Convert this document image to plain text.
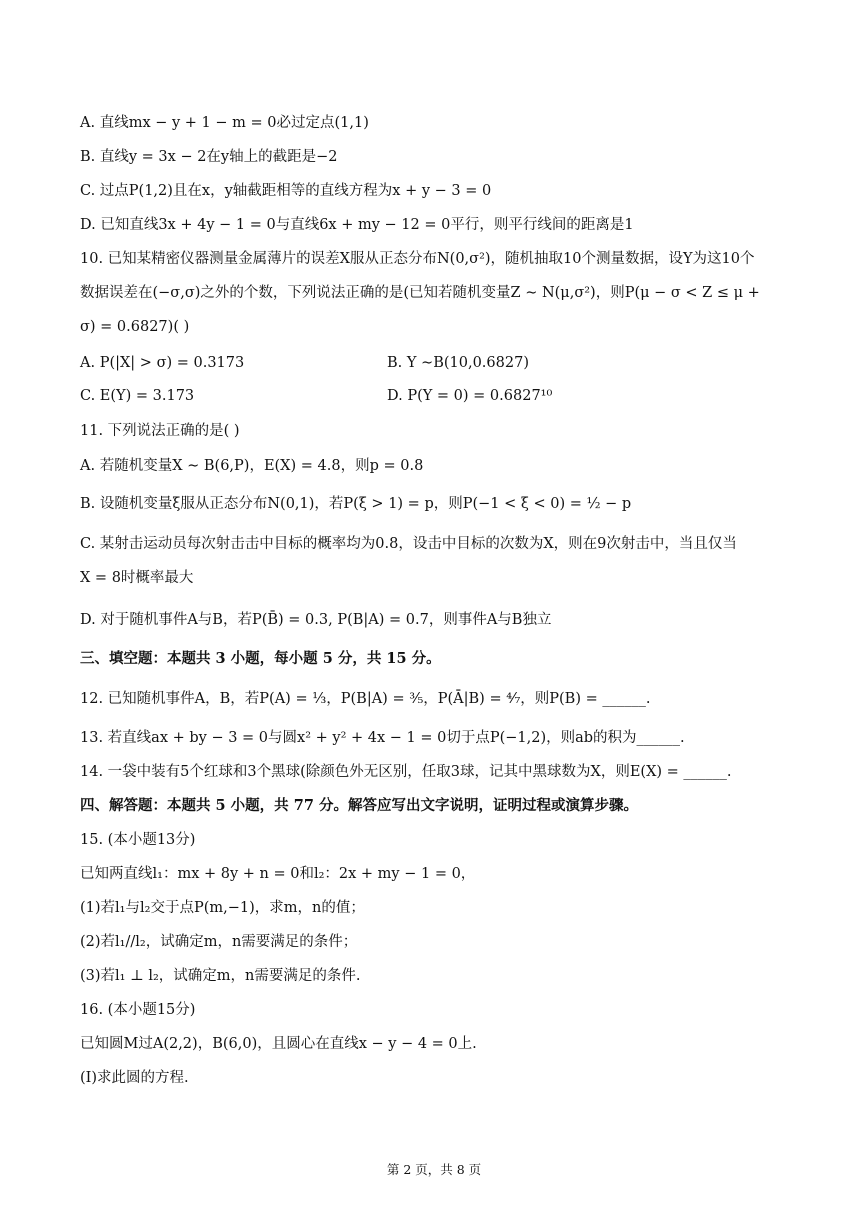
A. 直线mx − y + 1 − m = 0必过定点(1,1)
B. 直线y = 3x − 2在y轴上的截距是−2
C. 过点P(1,2)且在x，y轴截距相等的直线方程为x + y − 3 = 0
D. 已知直线3x + 4y − 1 = 0与直线6x + my − 12 = 0平行，则平行线间的距离是1
10. 已知某精密仪器测量金属薄片的误差X服从正态分布N(0,σ²)，随机抽取10个测量数据，设Y为这10个
数据误差在(−σ,σ)之外的个数，下列说法正确的是(已知若随机变量Z ∼ N(μ,σ²)，则P(μ − σ < Z ≤ μ +
σ) = 0.6827)( )
A. P(|X| > σ) = 0.3173	B. Y ∼B(10,0.6827)
C. E(Y) = 3.173	D. P(Y = 0) = 0.6827¹⁰
11. 下列说法正确的是( )
A. 若随机变量X ∼ B(6,P)，E(X) = 4.8，则p = 0.8
B. 设随机变量ξ服从正态分布N(0,1)，若P(ξ > 1) = p，则P(−1 < ξ < 0) = ½ − p
C. 某射击运动员每次射击击中目标的概率均为0.8，设击中目标的次数为X，则在9次射击中，当且仅当
X = 8时概率最大
D. 对于随机事件A与B，若P(B̄) = 0.3, P(B|A) = 0.7，则事件A与B独立
三、填空题：本题共 3 小题，每小题 5 分，共 15 分。
12. 已知随机事件A，B，若P(A) = ⅓，P(B|A) = ³⁄₅，P(Ā|B) = ⁴⁄₇，则P(B) = ______.
13. 若直线ax + by − 3 = 0与圆x² + y² + 4x − 1 = 0切于点P(−1,2)，则ab的积为______.
14. 一袋中装有5个红球和3个黑球(除颜色外无区别，任取3球，记其中黑球数为X，则E(X) = ______.
四、解答题：本题共 5 小题，共 77 分。解答应写出文字说明，证明过程或演算步骤。
15. (本小题13分)
已知两直线l₁：mx + 8y + n = 0和l₂：2x + my − 1 = 0，
(1)若l₁与l₂交于点P(m,−1)，求m，n的值；
(2)若l₁//l₂，试确定m，n需要满足的条件；
(3)若l₁ ⊥ l₂，试确定m，n需要满足的条件.
16. (本小题15分)
已知圆M过A(2,2)，B(6,0)，且圆心在直线x − y − 4 = 0上.
(I)求此圆的方程.
第 2 页，共 8 页
